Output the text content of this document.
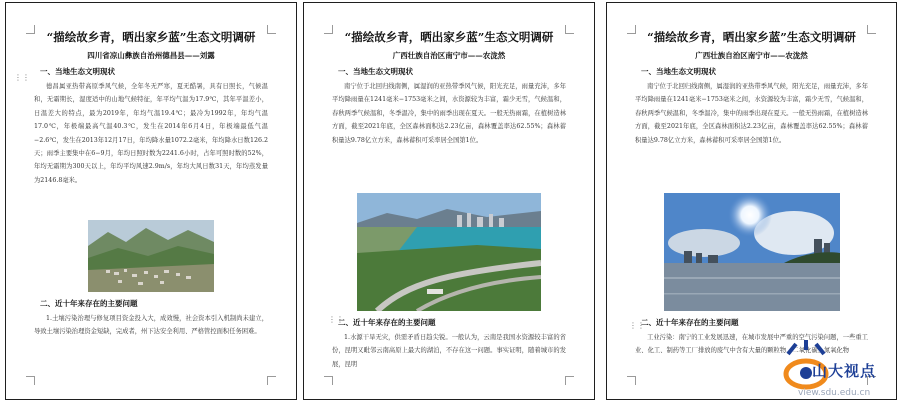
⋮⋮
“描绘故乡青，晒出家乡蓝”生态文明调研
四川省凉山彝族自治州德昌县——刘露
一、当地生态文明现状

德昌属亚热带高原季风气候，全年冬无严寒，夏无酷暑，具有日照长，气候温和，无霜期长，湿度适中的山地气候特征，年平均气温为17.9℃，其年平温差小，日温差大的特点，最为2019年，年均气温19.4℃；最冷为1992年，年均气温17.0℃，年极端最高气温40.3℃，发生在2014年6月4日，年极端最低气温−2.6℃，发生在2013年12月17日，年均降水量1072.2毫米，年均降水日数126.2天；雨季主要集中在6−9月，年均日照时数为2241.6小时，占年可照时数的52%，年均无霜期为300天以上，年均平均风速2.9m/s，年均大风日数31天，年均蒸发量为2146.8毫米。

二、近十年来存在的主要问题

1.土壤污染治理与修复项目资金投入大，成效慢，社会资本引入机制尚未建立，导致土壤污染治理资金短缺，完成者，州下达安全利用、严格管控面积任务困难。

⋮⋮
“描绘故乡青，晒出家乡蓝”生态文明调研
广西壮族自治区南宁市——农泷然
一、当地生态文明现状

南宁位于北回归线南侧，属湿润的亚热带季风气候，阳光充足，雨量充沛，多年平均降雨量在1241毫米−1753毫米之间，水资源较为丰富，霜少无雪，气候温和，春秋两季气候温和，冬季温冷，集中的雨季出现在夏天。一般无热雨霜，在植树造林方面，截至2021年底，全区森林面积达2.23亿亩，森林覆盖率达62.55%；森林蓄积量达9.78亿立方米，森林蓄积可采率居全国第1位。

二、近十年来存在的主要问题

1.水源干旱无灾，供需矛盾日趋尖锐。一般认为，云南是我国水资源较丰富的省份，昆明又毗邻云南高原上最大的湖泊，不存在这一问题。事实证明，随着城市的发展，昆明

⋮⋮
“描绘故乡青，晒出家乡蓝”生态文明调研
广西壮族自治区南宁市——农泷然
一、当地生态文明现状

南宁位于北回归线南侧，属湿润的亚热带季风气候，阳光充足，雨量充沛，多年平均降雨量在1241毫米−1753毫米之间，水资源较为丰富，霜少无雪，气候温和，春秋两季气候温和，冬季温冷，集中的雨季出现在夏天。一般无热雨霜，在植树造林方面，截至2021年底，全区森林面积达2.23亿亩，森林覆盖率达62.55%；森林蓄积量达9.78亿立方米，森林蓄积可采率居全国第1位。

二、近十年来存在的主要问题

工业污染：南宁的工业发展迅速，在城市发展中严重的空气污染问题，一些重工业、化工、制药等工厂排放的废气中含有大量的颗粒物、二氧化碳、氮氧化物

山大视点
view.sdu.edu.cn
